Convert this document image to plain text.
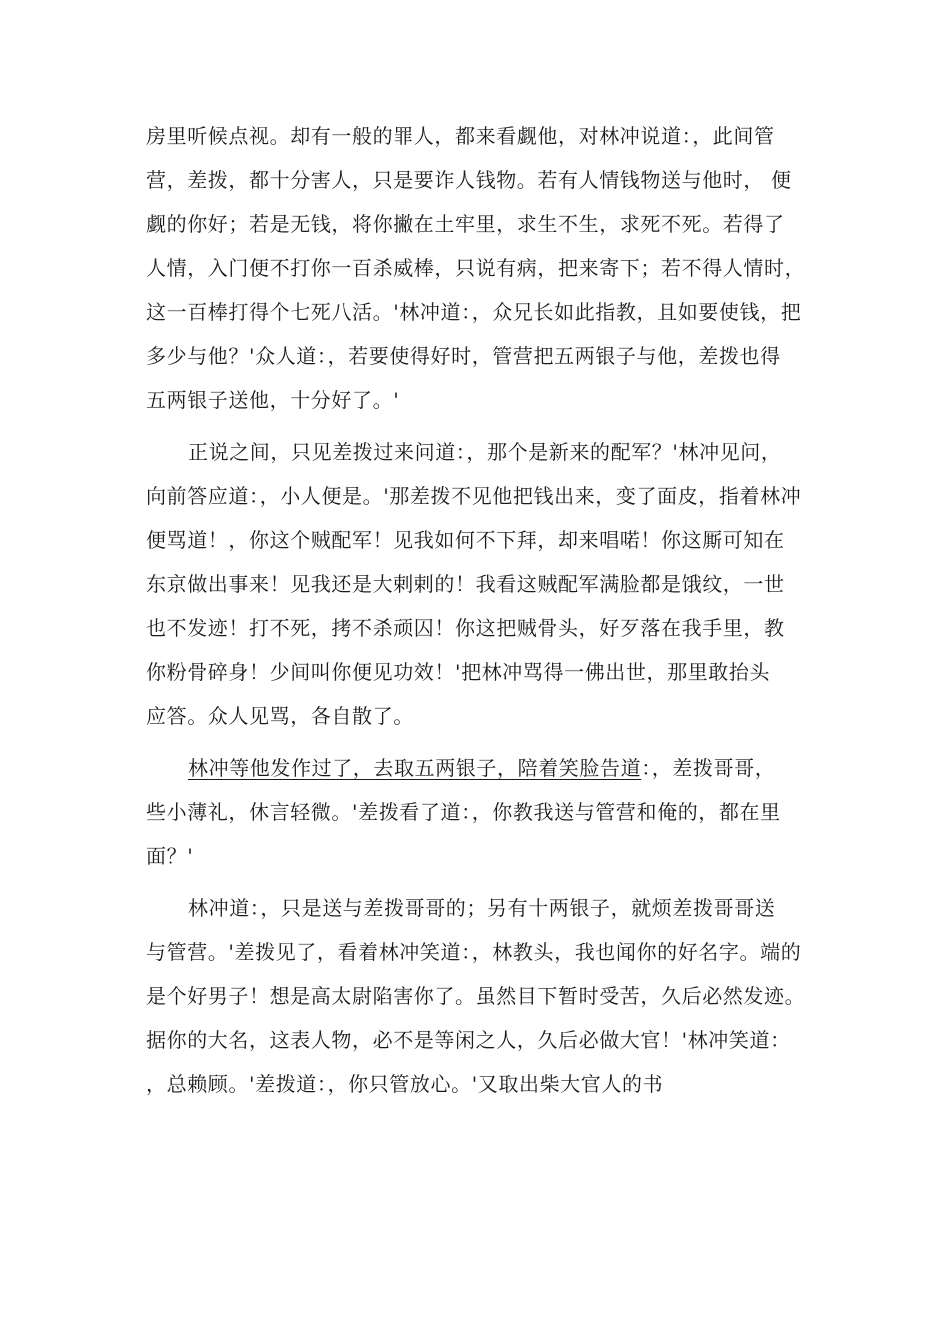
房里听候点视。却有一般的罪人，都来看觑他，对林冲说道：，此间管
营，差拨，都十分害人，只是要诈人钱物。若有人情钱物送与他时， 便
觑的你好；若是无钱，将你撇在土牢里，求生不生，求死不死。若得了
人情，入门便不打你一百杀威棒，只说有病，把来寄下；若不得人情时，
这一百棒打得个七死八活。'林冲道：，众兄长如此指教，且如要使钱，把
多少与他？'众人道：，若要使得好时，管营把五两银子与他，差拨也得
五两银子送他，十分好了。'
正说之间，只见差拨过来问道：，那个是新来的配军？'林冲见问，
向前答应道：，小人便是。'那差拨不见他把钱出来，变了面皮，指着林冲
便骂道！，你这个贼配军！见我如何不下拜，却来唱喏！你这厮可知在
东京做出事来！见我还是大剌剌的！我看这贼配军满脸都是饿纹，一世
也不发迹！打不死，拷不杀顽囚！你这把贼骨头，好歹落在我手里，教
你粉骨碎身！少间叫你便见功效！'把林冲骂得一佛出世，那里敢抬头
应答。众人见骂，各自散了。
林冲等他发作过了，去取五两银子，陪着笑脸告道：，差拨哥哥，
些小薄礼，休言轻微。'差拨看了道：，你教我送与管营和俺的，都在里
面？'
林冲道：，只是送与差拨哥哥的；另有十两银子，就烦差拨哥哥送
与管营。'差拨见了，看着林冲笑道：，林教头，我也闻你的好名字。端的
是个好男子！想是高太尉陷害你了。虽然目下暂时受苦，久后必然发迹。
据你的大名，这表人物，必不是等闲之人，久后必做大官！'林冲笑道：
，总赖顾。'差拨道：，你只管放心。'又取出柴大官人的书
